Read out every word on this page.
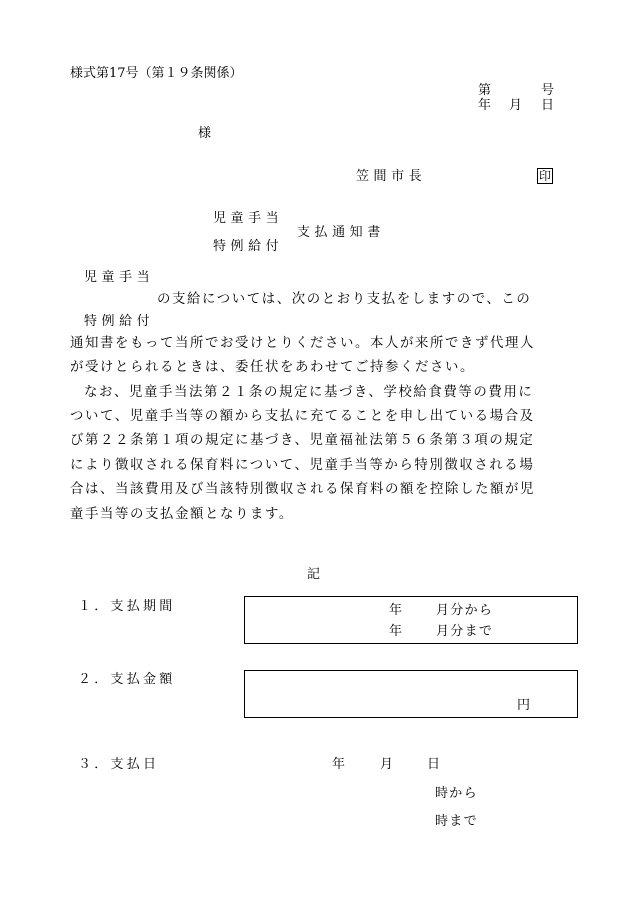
様式第17号（第１９条関係）
第	号
年 月 日
様
笠間市長	印
児童手当
支払通知書
特例給付
児童手当
の支給については、次のとおり支払をしますので、この
特例給付
通知書をもって当所でお受けとりください。本人が来所できず代理人
が受けとられるときは、委任状をあわせてご持参ください。
なお、児童手当法第２１条の規定に基づき、学校給食費等の費用に
ついて、児童手当等の額から支払に充てることを申し出ている場合及
び第２２条第１項の規定に基づき、児童福祉法第５６条第３項の規定
により徴収される保育料について、児童手当等から特別徴収される場
合は、当該費用及び当該特別徴収される保育料の額を控除した額が児
童手当等の支払金額となります。
記
１．支払期間	年	月分から
年	月分まで
２．支払金額
円
３．支払日	年	月	日
時から
時まで
